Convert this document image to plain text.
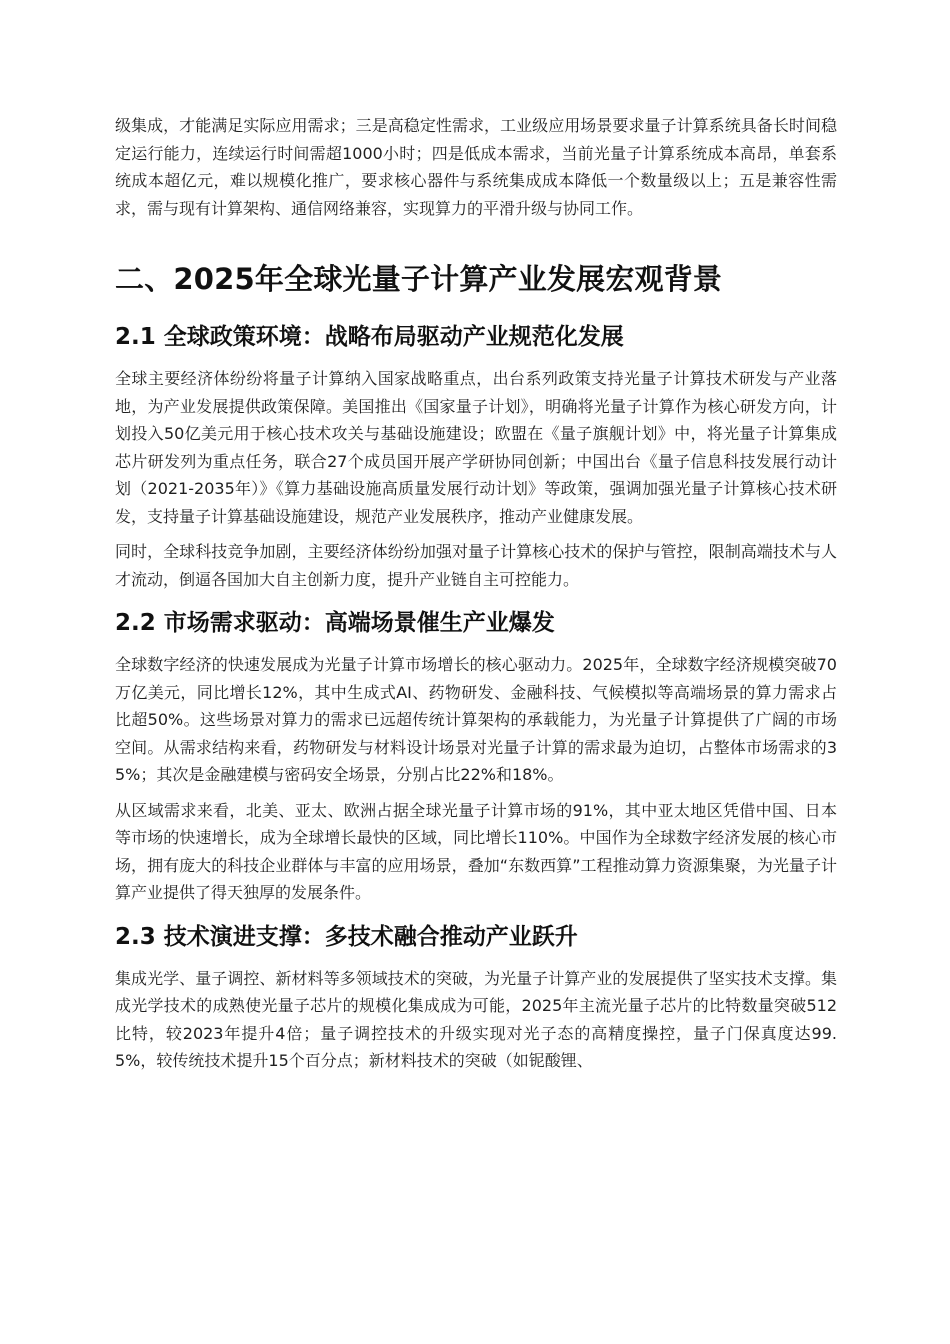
级集成，才能满足实际应用需求；三是高稳定性需求，工业级应用场景要求量子计算系统具备长时间稳定运行能力，连续运行时间需超1000小时；四是低成本需求，当前光量子计算系统成本高昂，单套系统成本超亿元，难以规模化推广，要求核心器件与系统集成成本降低一个数量级以上；五是兼容性需求，需与现有计算架构、通信网络兼容，实现算力的平滑升级与协同工作。

二、2025年全球光量子计算产业发展宏观背景
2.1 全球政策环境：战略布局驱动产业规范化发展

全球主要经济体纷纷将量子计算纳入国家战略重点，出台系列政策支持光量子计算技术研发与产业落地，为产业发展提供政策保障。美国推出《国家量子计划》，明确将光量子计算作为核心研发方向，计划投入50亿美元用于核心技术攻关与基础设施建设；欧盟在《量子旗舰计划》中，将光量子计算集成芯片研发列为重点任务，联合27个成员国开展产学研协同创新；中国出台《量子信息科技发展行动计划（2021-2035年）》《算力基础设施高质量发展行动计划》等政策，强调加强光量子计算核心技术研发，支持量子计算基础设施建设，规范产业发展秩序，推动产业健康发展。

同时，全球科技竞争加剧，主要经济体纷纷加强对量子计算核心技术的保护与管控，限制高端技术与人才流动，倒逼各国加大自主创新力度，提升产业链自主可控能力。

2.2 市场需求驱动：高端场景催生产业爆发

全球数字经济的快速发展成为光量子计算市场增长的核心驱动力。2025年，全球数字经济规模突破70万亿美元，同比增长12%，其中生成式AI、药物研发、金融科技、气候模拟等高端场景的算力需求占比超50%。这些场景对算力的需求已远超传统计算架构的承载能力，为光量子计算提供了广阔的市场空间。从需求结构来看，药物研发与材料设计场景对光量子计算的需求最为迫切，占整体市场需求的35%；其次是金融建模与密码安全场景，分别占比22%和18%。

从区域需求来看，北美、亚太、欧洲占据全球光量子计算市场的91%，其中亚太地区凭借中国、日本等市场的快速增长，成为全球增长最快的区域，同比增长110%。中国作为全球数字经济发展的核心市场，拥有庞大的科技企业群体与丰富的应用场景，叠加“东数西算”工程推动算力资源集聚，为光量子计算产业提供了得天独厚的发展条件。

2.3 技术演进支撑：多技术融合推动产业跃升

集成光学、量子调控、新材料等多领域技术的突破，为光量子计算产业的发展提供了坚实技术支撑。集成光学技术的成熟使光量子芯片的规模化集成成为可能，2025年主流光量子芯片的比特数量突破512比特，较2023年提升4倍；量子调控技术的升级实现对光子态的高精度操控，量子门保真度达99.5%，较传统技术提升15个百分点；新材料技术的突破（如铌酸锂、
